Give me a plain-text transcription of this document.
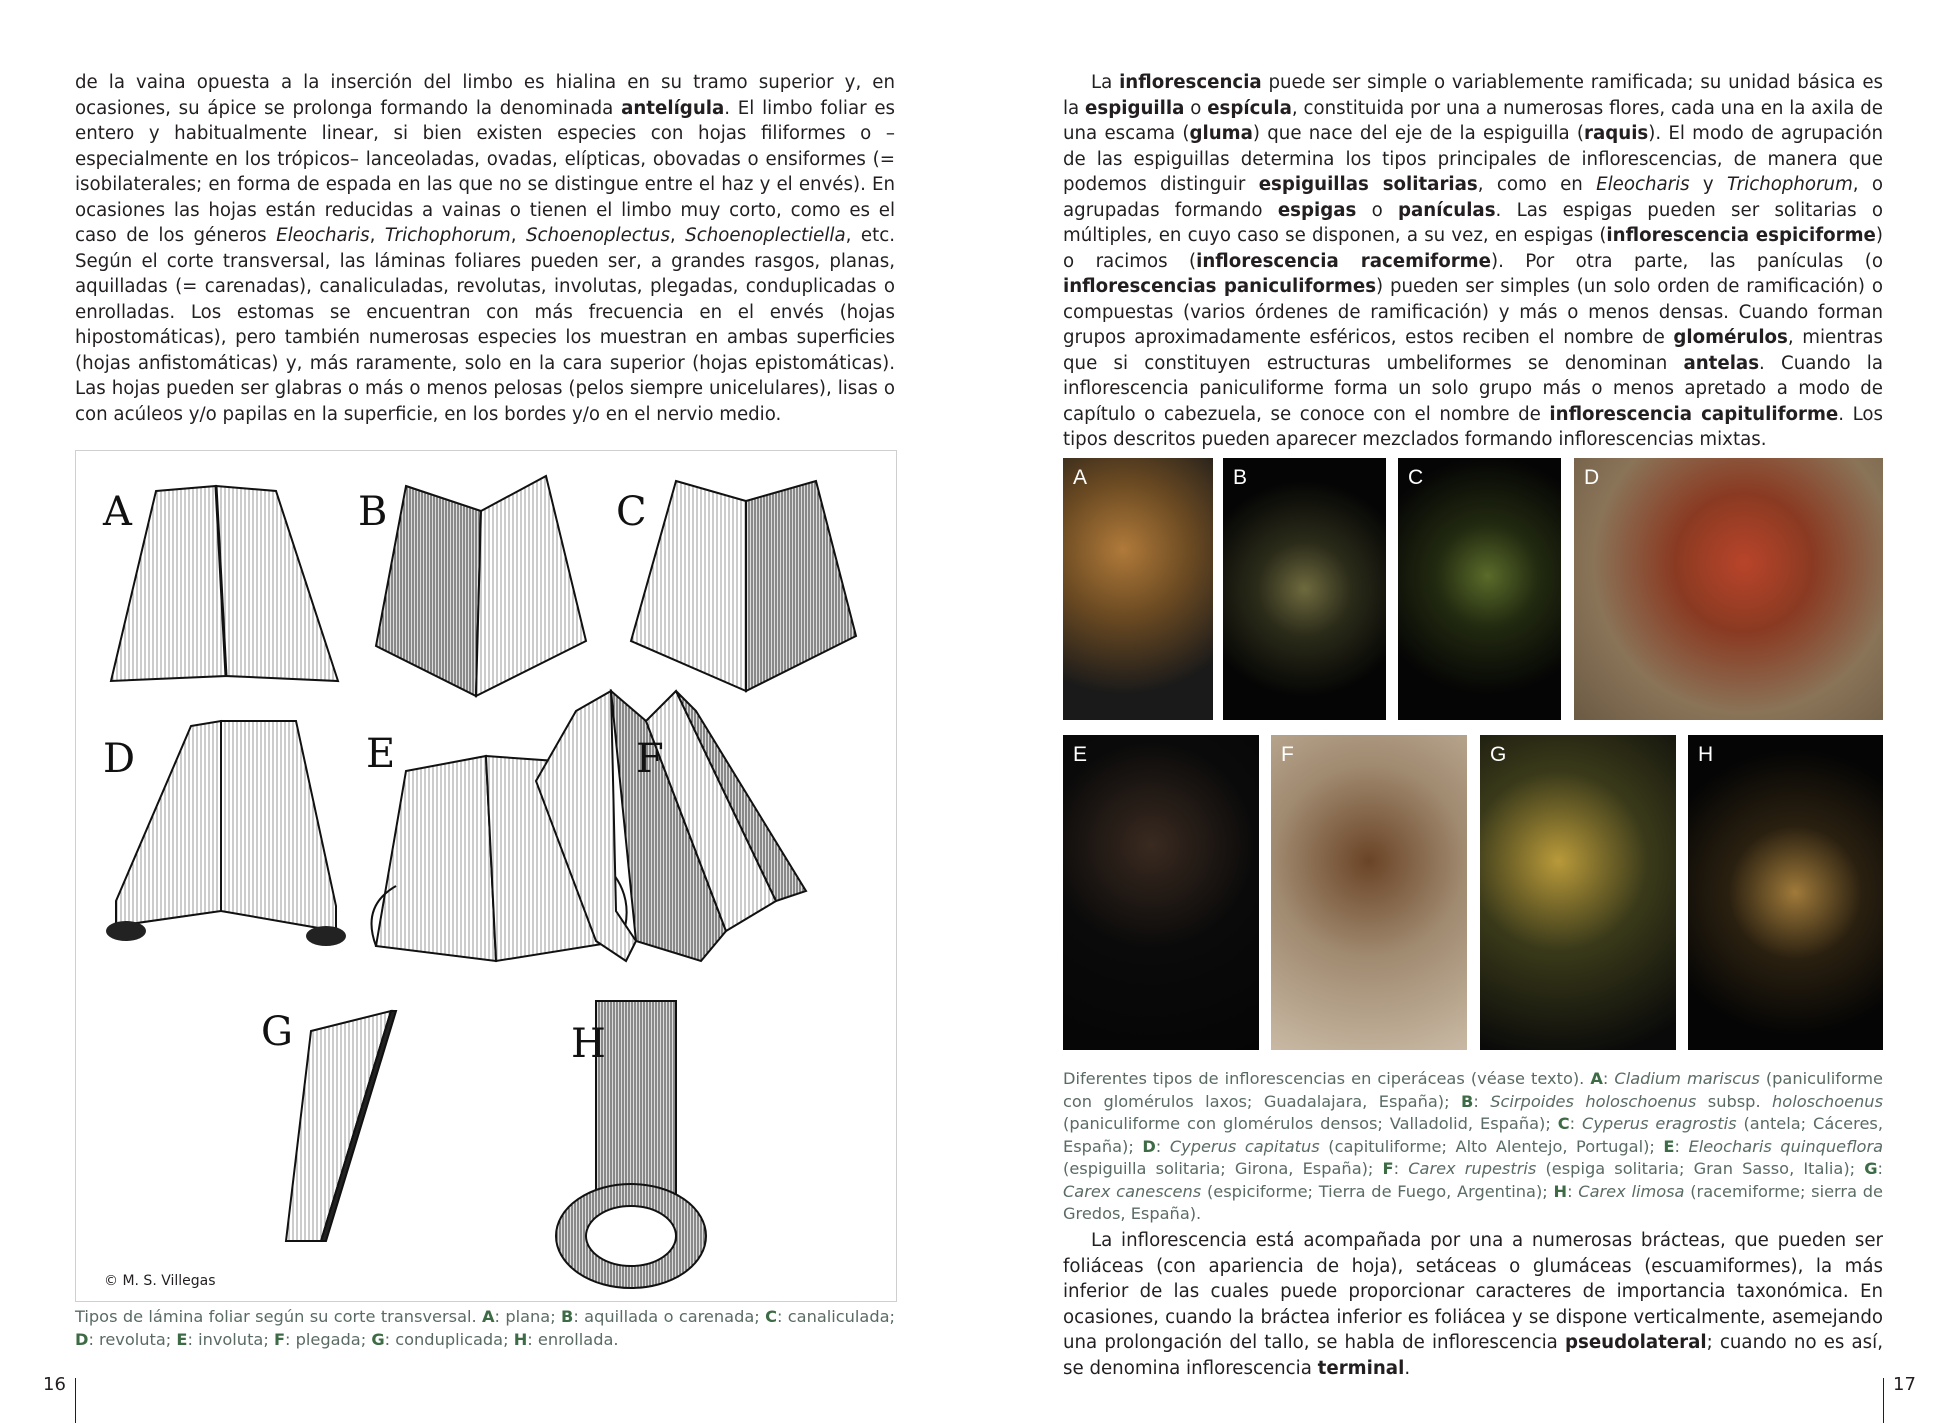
de la vaina opuesta a la inserción del limbo es hialina en su tramo superior y, en ocasiones, su ápice se prolonga formando la denominada antelígula. El limbo foliar es entero y habitualmente linear, si bien existen especies con hojas filiformes o –especialmente en los trópicos– lanceoladas, ovadas, elípticas, obovadas o ensiformes (= isobilaterales; en forma de espada en las que no se distingue entre el haz y el envés). En ocasiones las hojas están reducidas a vainas o tienen el limbo muy corto, como es el caso de los géneros Eleocharis, Trichophorum, Schoenoplectus, Schoenoplectiella, etc. Según el corte transversal, las láminas foliares pueden ser, a grandes rasgos, planas, aquilladas (= carenadas), canaliculadas, revolutas, involutas, plegadas, conduplicadas o enrolladas. Los estomas se encuentran con más frecuencia en el envés (hojas hipostomáticas), pero también numerosas especies los muestran en ambas superficies (hojas anfistomáticas) y, más raramente, solo en la cara superior (hojas epistomáticas). Las hojas pueden ser glabras o más o menos pelosas (pelos siempre unicelulares), lisas o con acúleos y/o papilas en la superficie, en los bordes y/o en el nervio medio.

A	B	C
D	E	F
G	H
© M. S. Villegas

Tipos de lámina foliar según su corte transversal. A: plana; B: aquillada o carenada; C: canaliculada; D: revoluta; E: involuta; F: plegada; G: conduplicada; H: enrollada.

16

La inflorescencia puede ser simple o variablemente ramificada; su unidad básica es la espiguilla o espícula, constituida por una a numerosas flores, cada una en la axila de una escama (gluma) que nace del eje de la espiguilla (raquis). El modo de agrupación de las espiguillas determina los tipos principales de inflorescencias, de manera que podemos distinguir espiguillas solitarias, como en Eleocharis y Trichophorum, o agrupadas formando espigas o panículas. Las espigas pueden ser solitarias o múltiples, en cuyo caso se disponen, a su vez, en espigas (inflorescencia espiciforme) o racimos (inflorescencia racemiforme). Por otra parte, las panículas (o inflorescencias paniculiformes) pueden ser simples (un solo orden de ramificación) o compuestas (varios órdenes de ramificación) y más o menos densas. Cuando forman grupos aproximadamente esféricos, estos reciben el nombre de glomérulos, mientras que si constituyen estructuras umbeliformes se denominan antelas. Cuando la inflorescencia paniculiforme forma un solo grupo más o menos apretado a modo de capítulo o cabezuela, se conoce con el nombre de inflorescencia capituliforme. Los tipos descritos pueden aparecer mezclados formando inflorescencias mixtas.

A	B	C	D
E	F	G	H

Diferentes tipos de inflorescencias en ciperáceas (véase texto). A: Cladium mariscus (paniculiforme con glomérulos laxos; Guadalajara, España); B: Scirpoides holoschoenus subsp. holoschoenus (paniculiforme con glomérulos densos; Valladolid, España); C: Cyperus eragrostis (antela; Cáceres, España); D: Cyperus capitatus (capituliforme; Alto Alentejo, Portugal); E: Eleocharis quinqueflora (espiguilla solitaria; Girona, España); F: Carex rupestris (espiga solitaria; Gran Sasso, Italia); G: Carex canescens (espiciforme; Tierra de Fuego, Argentina); H: Carex limosa (racemiforme; sierra de Gredos, España).

La inflorescencia está acompañada por una a numerosas brácteas, que pueden ser foliáceas (con apariencia de hoja), setáceas o glumáceas (escuamiformes), la más inferior de las cuales puede proporcionar caracteres de importancia taxonómica. En ocasiones, cuando la bráctea inferior es foliácea y se dispone verticalmente, asemejando una prolongación del tallo, se habla de inflorescencia pseudolateral; cuando no es así, se denomina inflorescencia terminal.

17
